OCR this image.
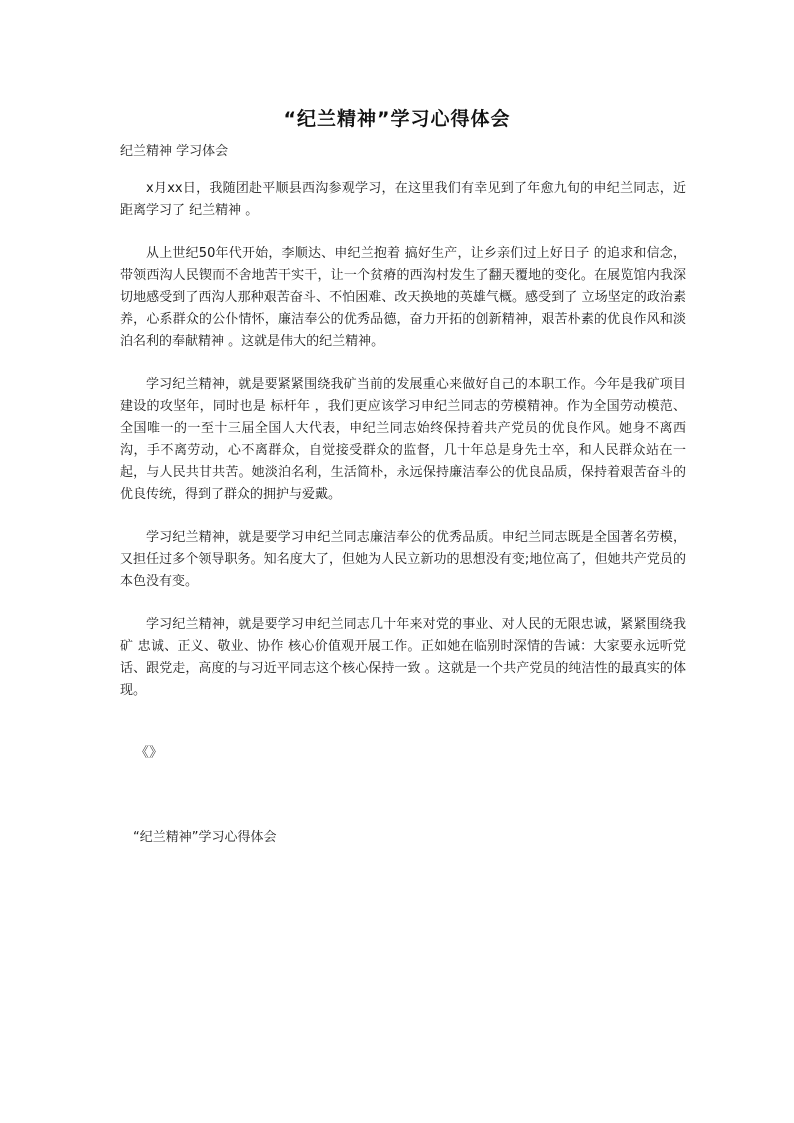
“纪兰精神”学习心得体会
纪兰精神 学习体会

x月xx日，我随团赴平顺县西沟参观学习，在这里我们有幸见到了年愈九旬的申纪兰同志，近距离学习了 纪兰精神 。

从上世纪50年代开始，李顺达、申纪兰抱着 搞好生产，让乡亲们过上好日子 的追求和信念，带领西沟人民锲而不舍地苦干实干，让一个贫瘠的西沟村发生了翻天覆地的变化。在展览馆内我深切地感受到了西沟人那种艰苦奋斗、不怕困难、改天换地的英雄气概。感受到了 立场坚定的政治素养，心系群众的公仆情怀，廉洁奉公的优秀品德，奋力开拓的创新精神，艰苦朴素的优良作风和淡泊名利的奉献精神 。这就是伟大的纪兰精神。

学习纪兰精神，就是要紧紧围绕我矿当前的发展重心来做好自己的本职工作。今年是我矿项目建设的攻坚年，同时也是 标杆年 ，我们更应该学习申纪兰同志的劳模精神。作为全国劳动模范、全国唯一的一至十三届全国人大代表，申纪兰同志始终保持着共产党员的优良作风。她身不离西沟，手不离劳动，心不离群众，自觉接受群众的监督，几十年总是身先士卒，和人民群众站在一起，与人民共甘共苦。她淡泊名利，生活简朴，永远保持廉洁奉公的优良品质，保持着艰苦奋斗的优良传统，得到了群众的拥护与爱戴。

学习纪兰精神，就是要学习申纪兰同志廉洁奉公的优秀品质。申纪兰同志既是全国著名劳模，又担任过多个领导职务。知名度大了，但她为人民立新功的思想没有变;地位高了，但她共产党员的本色没有变。

学习纪兰精神，就是要学习申纪兰同志几十年来对党的事业、对人民的无限忠诚，紧紧围绕我矿 忠诚、正义、敬业、协作 核心价值观开展工作。正如她在临别时深情的告诫：大家要永远听党话、跟党走，高度的与习近平同志这个核心保持一致 。这就是一个共产党员的纯洁性的最真实的体现。

《》
“纪兰精神”学习心得体会
